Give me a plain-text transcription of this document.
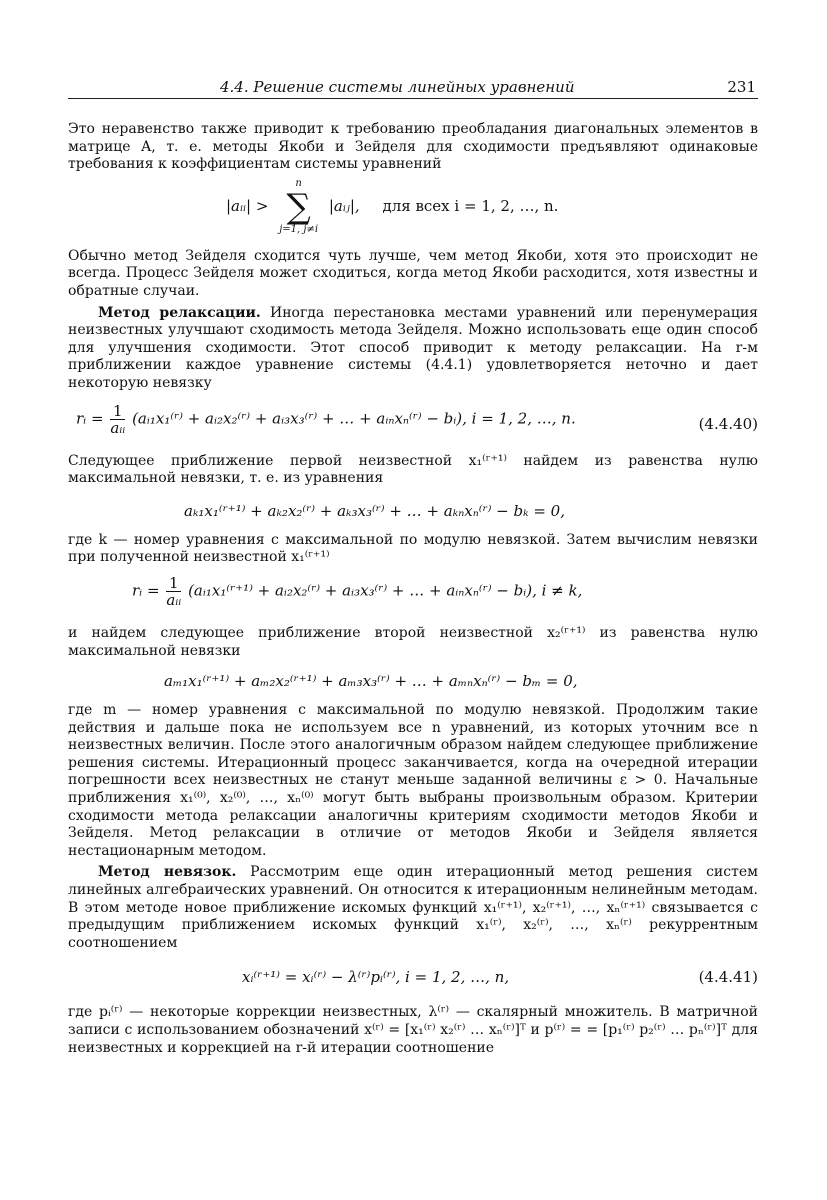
4.4. Решение системы линейных уравнений	231

Это неравенство также приводит к требованию преобладания диагональных элементов в матрице A, т. е. методы Якоби и Зейделя для сходимости предъявляют одинаковые требования к коэффициентам системы уравнений

|aᵢᵢ| >
n
∑
j=1, j≠i
|aᵢⱼ|, для всех i = 1, 2, …, n.

Обычно метод Зейделя сходится чуть лучше, чем метод Якоби, хотя это происходит не всегда. Процесс Зейделя может сходиться, когда метод Якоби расходится, хотя известны и обратные случаи.

Метод релаксации. Иногда перестановка местами уравнений или перенумерация неизвестных улучшают сходимость метода Зейделя. Можно использовать еще один способ для улучшения сходимости. Этот способ приводит к методу релаксации. На r-м приближении каждое уравнение системы (4.4.1) удовлетворяется неточно и дает некоторую невязку

rᵢ = $\frac{1}{\text{aᵢᵢ}}$ (aᵢ₁x₁⁽ʳ⁾ + aᵢ₂x₂⁽ʳ⁾ + aᵢ₃x₃⁽ʳ⁾ + … + aᵢₙxₙ⁽ʳ⁾ − bᵢ), i = 1, 2, …, n.	(4.4.40)

Следующее приближение первой неизвестной x₁⁽ʳ⁺¹⁾ найдем из равенства нулю максимальной невязки, т. е. из уравнения

aₖ₁x₁⁽ʳ⁺¹⁾ + aₖ₂x₂⁽ʳ⁾ + aₖ₃x₃⁽ʳ⁾ + … + aₖₙxₙ⁽ʳ⁾ − bₖ = 0,

где k — номер уравнения с максимальной по модулю невязкой. Затем вычислим невязки при полученной неизвестной x₁⁽ʳ⁺¹⁾

rᵢ = $\frac{1}{\text{aᵢᵢ}}$ (aᵢ₁x₁⁽ʳ⁺¹⁾ + aᵢ₂x₂⁽ʳ⁾ + aᵢ₃x₃⁽ʳ⁾ + … + aᵢₙxₙ⁽ʳ⁾ − bᵢ), i ≠ k,

и найдем следующее приближение второй неизвестной x₂⁽ʳ⁺¹⁾ из равенства нулю максимальной невязки

aₘ₁x₁⁽ʳ⁺¹⁾ + aₘ₂x₂⁽ʳ⁺¹⁾ + aₘ₃x₃⁽ʳ⁾ + … + aₘₙxₙ⁽ʳ⁾ − bₘ = 0,

где m — номер уравнения с максимальной по модулю невязкой. Продолжим такие действия и дальше пока не используем все n уравнений, из которых уточним все n неизвестных величин. После этого аналогичным образом найдем следующее приближение решения системы. Итерационный процесс заканчивается, когда на очередной итерации погрешности всех неизвестных не станут меньше заданной величины ε > 0. Начальные приближения x₁⁽⁰⁾, x₂⁽⁰⁾, …, xₙ⁽⁰⁾ могут быть выбраны произвольным образом. Критерии сходимости метода релаксации аналогичны критериям сходимости методов Якоби и Зейделя. Метод релаксации в отличие от методов Якоби и Зейделя является нестационарным методом.

Метод невязок. Рассмотрим еще один итерационный метод решения систем линейных алгебраических уравнений. Он относится к итерационным нелинейным методам. В этом методе новое приближение искомых функций x₁⁽ʳ⁺¹⁾, x₂⁽ʳ⁺¹⁾, …, xₙ⁽ʳ⁺¹⁾ связывается с предыдущим приближением искомых функций x₁⁽ʳ⁾, x₂⁽ʳ⁾, …, xₙ⁽ʳ⁾ рекуррентным соотношением

xᵢ⁽ʳ⁺¹⁾ = xᵢ⁽ʳ⁾ − λ⁽ʳ⁾pᵢ⁽ʳ⁾, i = 1, 2, …, n,	(4.4.41)

где pᵢ⁽ʳ⁾ — некоторые коррекции неизвестных, λ⁽ʳ⁾ — скалярный множитель. В матричной записи с использованием обозначений x⁽ʳ⁾ = [x₁⁽ʳ⁾ x₂⁽ʳ⁾ … xₙ⁽ʳ⁾]ᵀ и p⁽ʳ⁾ = = [p₁⁽ʳ⁾ p₂⁽ʳ⁾ … pₙ⁽ʳ⁾]ᵀ для неизвестных и коррекцией на r-й итерации соотношение
